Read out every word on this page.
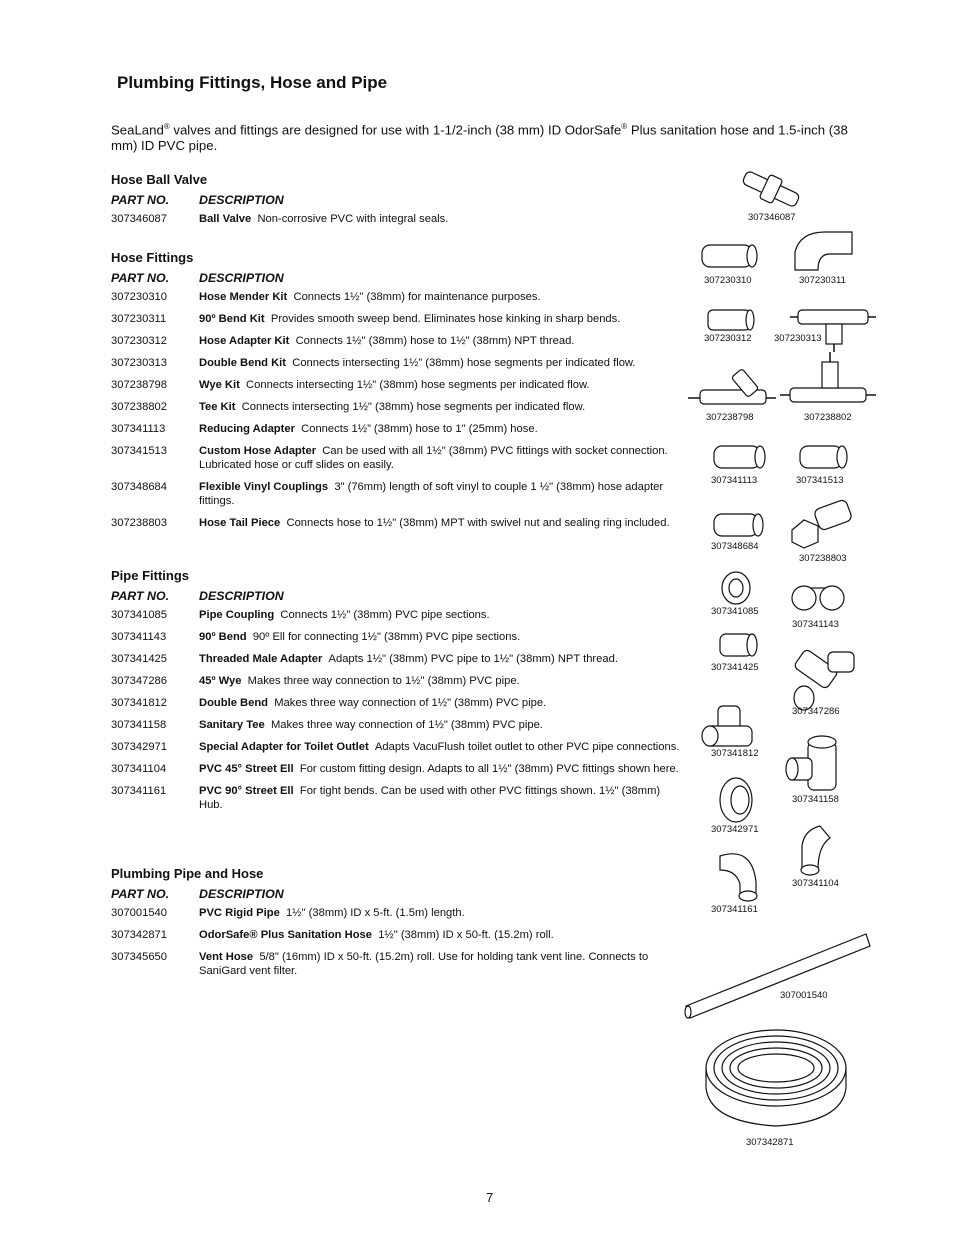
Plumbing Fittings, Hose and Pipe
SeaLand® valves and fittings are designed for use with 1-1/2-inch (38 mm) ID OdorSafe® Plus sanitation hose and 1.5-inch (38 mm) ID PVC pipe.
Hose Ball Valve
PART NO.	DESCRIPTION
307346087	Ball Valve Non-corrosive PVC with integral seals.
Hose Fittings
PART NO.	DESCRIPTION
307230310	Hose Mender Kit Connects 1½" (38mm) for maintenance purposes.
307230311	90º Bend Kit Provides smooth sweep bend. Eliminates hose kinking in sharp bends.
307230312	Hose Adapter Kit Connects 1½" (38mm) hose to 1½" (38mm) NPT thread.
307230313	Double Bend Kit Connects intersecting 1½” (38mm) hose segments per indicated flow.
307238798	Wye Kit Connects intersecting 1½" (38mm) hose segments per indicated flow.
307238802	Tee Kit Connects intersecting 1½" (38mm) hose segments per indicated flow.
307341113	Reducing Adapter Connects 1½” (38mm) hose to 1" (25mm) hose.
307341513	Custom Hose Adapter Can be used with all 1½" (38mm) PVC fittings with socket connection. Lubricated hose or cuff slides on easily.
307348684	Flexible Vinyl Couplings 3" (76mm) length of soft vinyl to couple 1 ½" (38mm) hose adapter fittings.
307238803	Hose Tail Piece Connects hose to 1½" (38mm) MPT with swivel nut and sealing ring included.
Pipe Fittings
PART NO.	DESCRIPTION
307341085	Pipe Coupling Connects 1½" (38mm) PVC pipe sections.
307341143	90º Bend 90º Ell for connecting 1½" (38mm) PVC pipe sections.
307341425	Threaded Male Adapter Adapts 1½" (38mm) PVC pipe to 1½" (38mm) NPT thread.
307347286	45º Wye Makes three way connection to 1½" (38mm) PVC pipe.
307341812	Double Bend Makes three way connection of 1½" (38mm) PVC pipe.
307341158	Sanitary Tee Makes three way connection of 1½" (38mm) PVC pipe.
307342971	Special Adapter for Toilet Outlet Adapts VacuFlush toilet outlet to other PVC pipe connections.
307341104	PVC 45° Street Ell For custom fitting design. Adapts to all 1½" (38mm) PVC fittings shown here.
307341161	PVC 90° Street Ell For tight bends. Can be used with other PVC fittings shown. 1½" (38mm) Hub.
Plumbing Pipe and Hose
PART NO.	DESCRIPTION
307001540	PVC Rigid Pipe 1½" (38mm) ID x 5-ft. (1.5m) length.
307342871	OdorSafe® Plus Sanitation Hose 1½" (38mm) ID x 50-ft. (15.2m) roll.
307345650	Vent Hose 5/8" (16mm) ID x 50-ft. (15.2m) roll. Use for holding tank vent line. Connects to SaniGard vent filter.
307346087
307230310	307230311
307230312 307230313
307238798	307238802
307341113	307341513
307348684
307238803
307341085
307341143
307341425
307347286
307341812
307341158
307342971
307341104
307341161
307001540
307342871
7
